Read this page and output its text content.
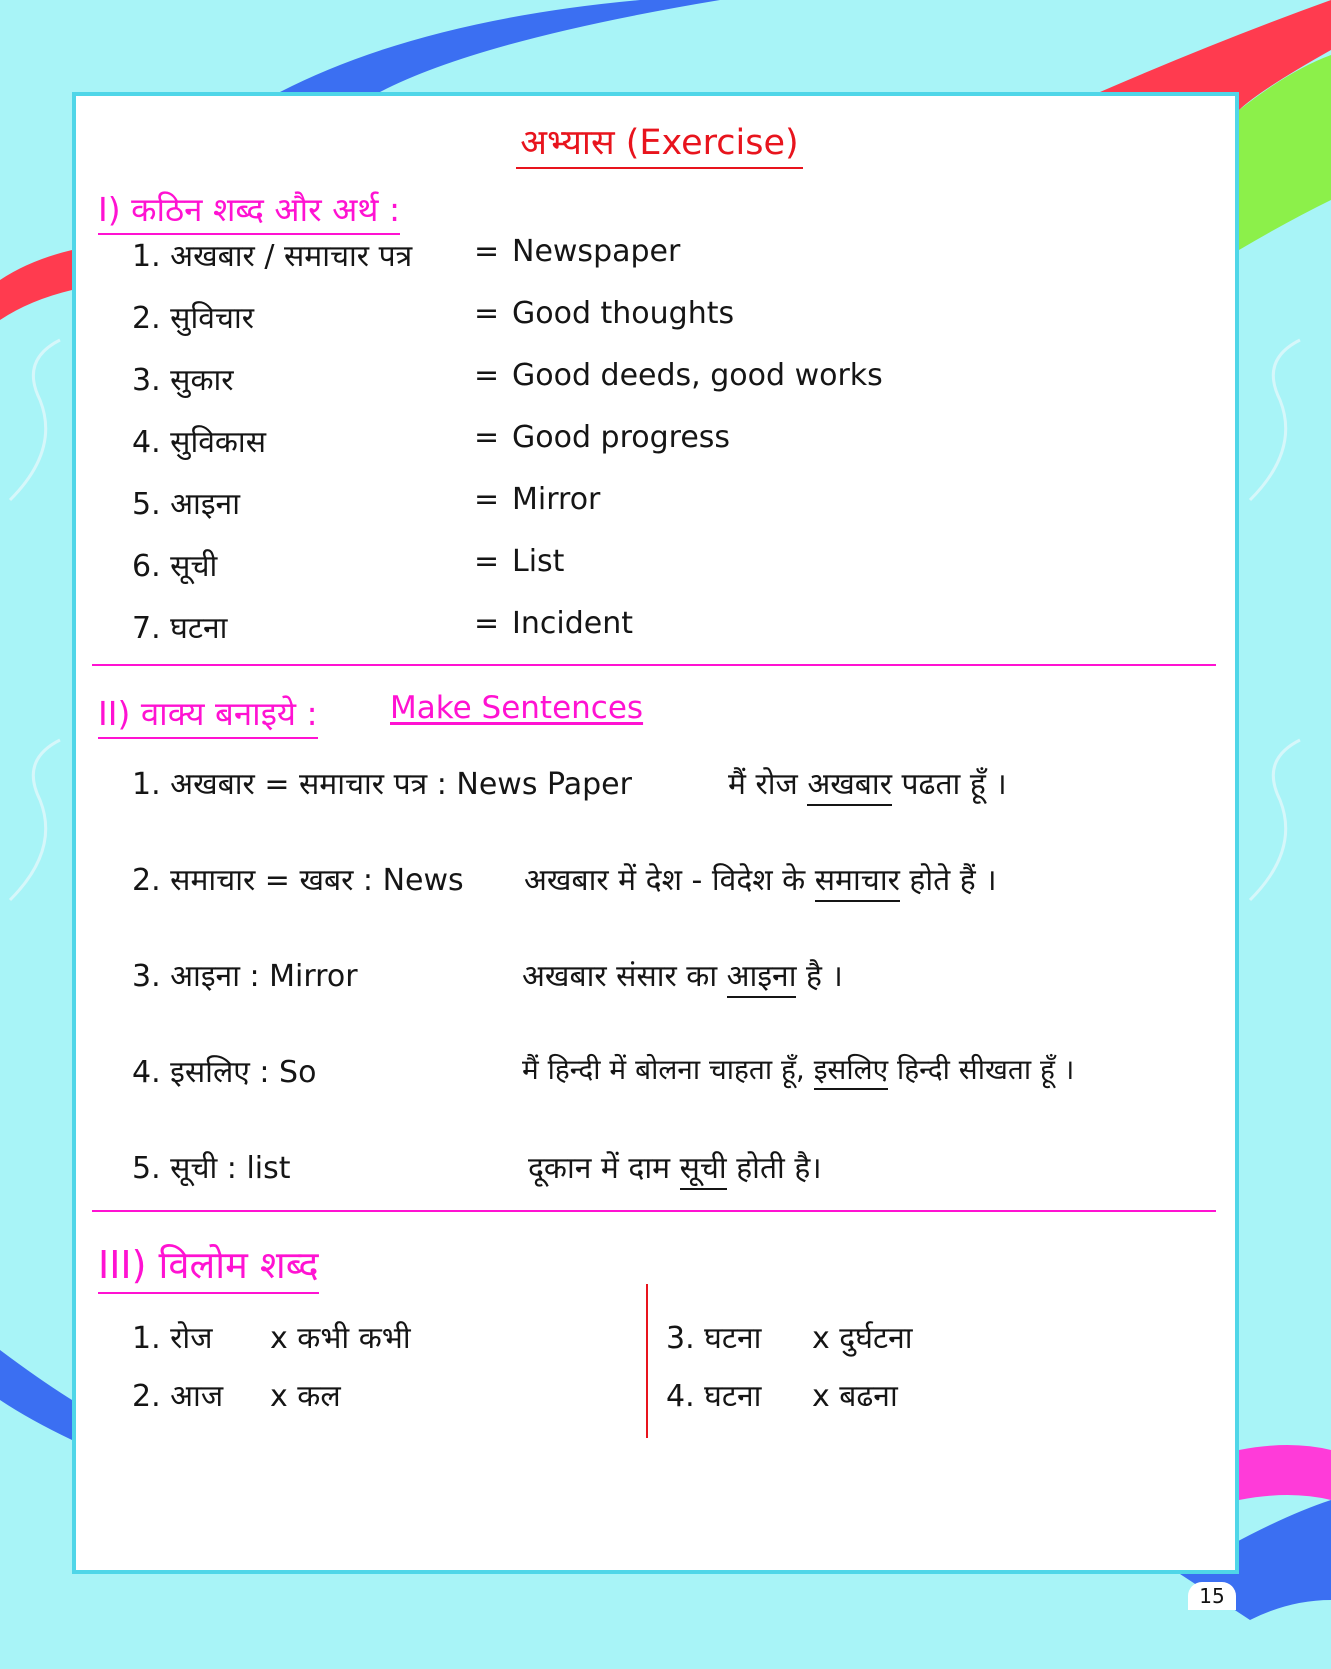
अभ्यास (Exercise)
I) कठिन शब्द और अर्थ :
1. अखबार / समाचार पत्र = Newspaper
2. सुविचार	= Good thoughts
3. सुकार	= Good deeds, good works
4. सुविकास	= Good progress
5. आइना	= Mirror
6. सूची	= List
7. घटना	= Incident
II) वाक्य बनाइये : Make Sentences
1. अखबार = समाचार पत्र : News Paper	मैं रोज अखबार पढता हूँ ।
2. समाचार = खबर : News अखबार में देश - विदेश के समाचार होते हैं ।
3. आइना : Mirror	अखबार संसार का आइना है ।
4. इसलिए : So	मैं हिन्दी में बोलना चाहता हूँ, इसलिए हिन्दी सीखता हूँ ।
5. सूची : list	दूकान में दाम सूची होती है।
III) विलोम शब्द
1. रोज x कभी कभी
2. आज x कल
3. घटना x दुर्घटना
4. घटना x बढना
15
